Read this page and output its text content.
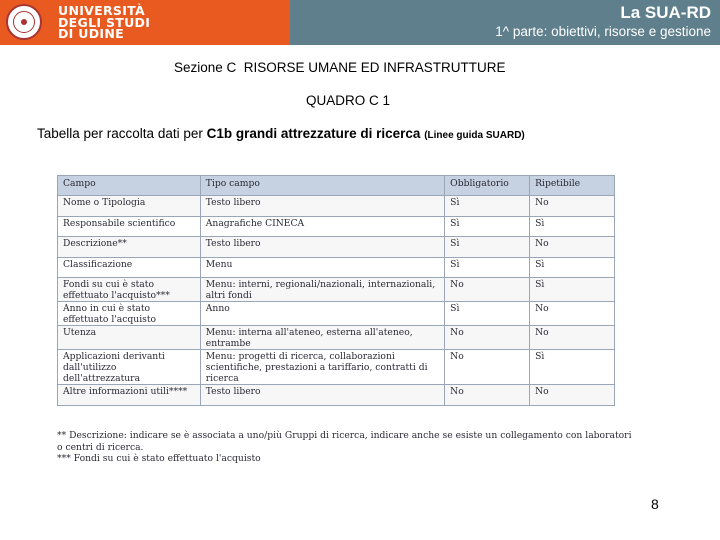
UNIVERSITÀ
DEGLI STUDI
DI UDINE
La SUA-RD
1^ parte: obiettivi, risorse e gestione
Sezione C  RISORSE UMANE ED INFRASTRUTTURE
QUADRO C 1
Tabella per raccolta dati per C1b grandi attrezzature di ricerca (Linee guida SUARD)
Campo	Tipo campo	Obbligatorio	Ripetibile
Nome o Tipologia	Testo libero	Sì	No
Responsabile scientifico	Anagrafiche CINECA	Sì	Sì
Descrizione**	Testo libero	Sì	No
Classificazione	Menu	Sì	Sì
Fondi su cui è stato effettuato l'acquisto***	Menu: interni, regionali/nazionali, internazionali, altri fondi	No	Sì
Anno in cui è stato effettuato l'acquisto	Anno	Sì	No
Utenza	Menu: interna all'ateneo, esterna all'ateneo, entrambe	No	No
Applicazioni derivanti dall'utilizzo dell'attrezzatura	Menu: progetti di ricerca, collaborazioni scientifiche, prestazioni a tariffario, contratti di ricerca	No	Sì
Altre informazioni utili****	Testo libero	No	No
** Descrizione: indicare se è associata a uno/più Gruppi di ricerca, indicare anche se esiste un collegamento con laboratori o centri di ricerca.
*** Fondi su cui è stato effettuato l'acquisto
8
